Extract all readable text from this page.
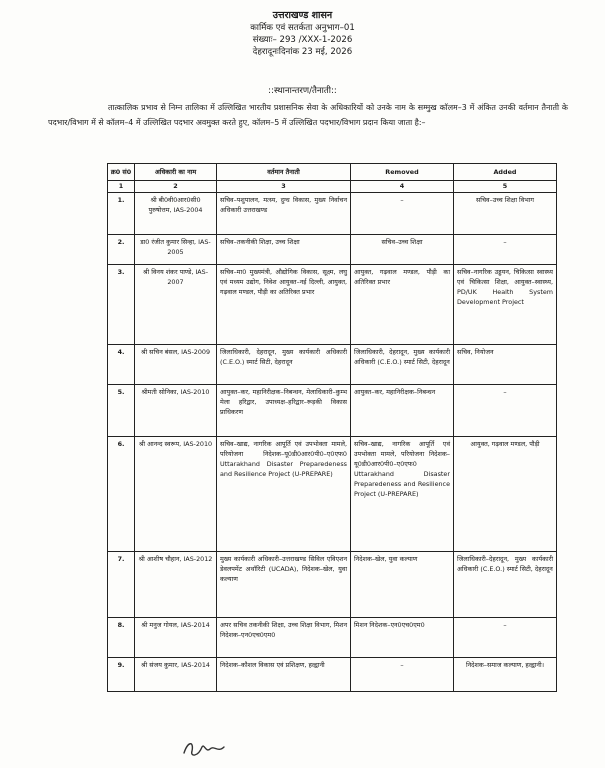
उत्तराखण्ड शासन
कार्मिक एवं सतर्कता अनुभाग–01
संख्याः– 293 /XXX-1-2026
देहरादूनःदिनांक 23 मई, 2026
::स्थानान्तरण/तैनाती::
तात्कालिक प्रभाव से निम्न तालिका में उल्लिखित भारतीय प्रशासनिक सेवा के अधिकारियों को उनके नाम के सम्मुख कॉलम–3 में अंकित उनकी वर्तमान तैनाती के पदभार/विभाग में से कॉलम–4 में उल्लिखित पदभार अवमुक्त करते हुए, कॉलम–5 में उल्लिखित पदभार/विभाग प्रदान किया जाता है:–
क्र0 सं0	अधिकारी का नाम	वर्तमान तैनाती	Removed	Added
1	2	3	4	5
1.	श्री बी0वी0आर0सी0 पुरुषोत्तम, IAS-2004	सचिव–पशुपालन, मत्स्य, दुग्ध विकास, मुख्य निर्वाचन अधिकारी उत्तराखण्ड	–	सचिव–उच्च शिक्षा विभाग
2.	डा0 रंजीत कुमार सिन्हा, IAS-2005	सचिव–तकनीकी शिक्षा, उच्च शिक्षा	सचिव–उच्च शिक्षा	–
3.	श्री विनय शंकर पाण्डे, IAS-2007	सचिव–मा0 मुख्यमंत्री, औद्योगिक विकास, सूक्ष्म, लघु एवं मध्यम उद्योग, निवेश आयुक्त–नई दिल्ली, आयुक्त, गढ़वाल मण्डल, पौड़ी का अतिरिक्त प्रभार	आयुक्त, गढ़वाल मण्डल, पौड़ी का अतिरिक्त प्रभार	सचिव–नागरिक उड्डयन, चिकित्सा स्वास्थ्य एवं चिकित्सा शिक्षा, आयुक्त–स्वास्थ्य, PD/UK Health System Development Project
4.	श्री सचिन बंसल, IAS-2009	जिलाधिकारी, देहरादून, मुख्य कार्यकारी अधिकारी (C.E.O.) स्मार्ट सिटी, देहरादून	जिलाधिकारी, देहरादून, मुख्य कार्यकारी अधिकारी (C.E.O.) स्मार्ट सिटी, देहरादून	सचिव, नियोजन
5.	श्रीमती सोनिका, IAS-2010	आयुक्त–कर, महानिरीक्षक–निबन्धन, मेलाधिकारी–कुम्भ मेला हरिद्वार, उपाध्यक्ष–हरिद्वार–रूड़की विकास प्राधिकरण	आयुक्त–कर, महानिरीक्षक–निबन्धन	–
6.	श्री आनन्द स्वरूप, IAS-2010	सचिव–खाद्य, नागरिक आपूर्ति एवं उपभोक्ता मामले, परियोजना निदेशक–यू0डी0आर0पी0–ए0एफ0 Uttarakhand Disaster Preparedeness and Resilience Project (U-PREPARE)	सचिव–खाद्य, नागरिक आपूर्ति एवं उपभोक्ता मामले, परियोजना निदेशक–यू0डी0आर0पी0–ए0एफ0 Uttarakhand Disaster Preparedeness and Resilience Project (U-PREPARE)	आयुक्त, गढ़वाल मण्डल, पौड़ी
7.	श्री आशीष चौहान, IAS-2012	मुख्य कार्यकारी अधिकारी–उत्तराखण्ड सिविल एविएशन डेवलपमेंट अथॉरिटी (UCADA), निदेशक–खेल, युवा कल्याण	निदेशक–खेल, युवा कल्याण	जिलाधिकारी–देहरादून, मुख्य कार्यकारी अधिकारी (C.E.O.) स्मार्ट सिटी, देहरादून
8.	श्री मनुज गोयल, IAS-2014	अपर सचिव तकनीकी शिक्षा, उच्च शिक्षा विभाग, मिशन निदेशक–एन0एच0एम0	मिशन निदेशक–एन0एच0एम0	–
9.	श्री संजय कुमार, IAS-2014	निदेशक–कौशल विकास एवं प्रशिक्षण, हल्द्वानी	–	निदेशक–समाज कल्याण, हल्द्वानी।
